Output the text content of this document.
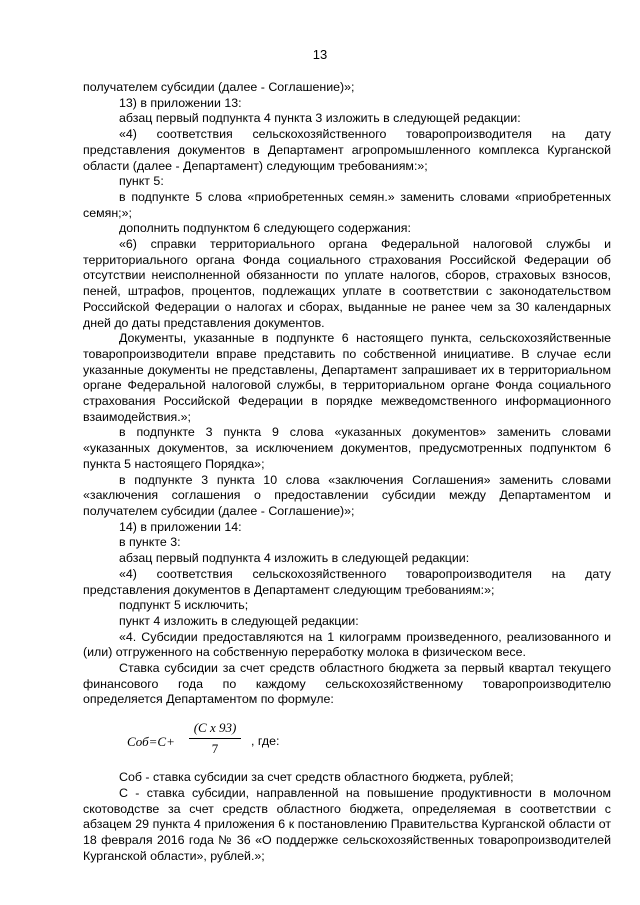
13

получателем субсидии (далее - Соглашение)»;

13) в приложении 13:

абзац первый подпункта 4 пункта 3 изложить в следующей редакции:

«4) соответствия сельскохозяйственного товаропроизводителя на дату представления документов в Департамент агропромышленного комплекса Курганской области (далее - Департамент) следующим требованиям:»;

пункт 5:

в подпункте 5 слова «приобретенных семян.» заменить словами «приобретенных семян;»;

дополнить подпунктом 6 следующего содержания:

«6) справки территориального органа Федеральной налоговой службы и территориального органа Фонда социального страхования Российской Федерации об отсутствии неисполненной обязанности по уплате налогов, сборов, страховых взносов, пеней, штрафов, процентов, подлежащих уплате в соответствии с законодательством Российской Федерации о налогах и сборах, выданные не ранее чем за 30 календарных дней до даты представления документов.

Документы, указанные в подпункте 6 настоящего пункта, сельскохозяйственные товаропроизводители вправе представить по собственной инициативе. В случае если указанные документы не представлены, Департамент запрашивает их в территориальном органе Федеральной налоговой службы, в территориальном органе Фонда социального страхования Российской Федерации в порядке межведомственного информационного взаимодействия.»;

в подпункте 3 пункта 9 слова «указанных документов» заменить словами «указанных документов, за исключением документов, предусмотренных подпунктом 6 пункта 5 настоящего Порядка»;

в подпункте 3 пункта 10 слова «заключения Соглашения» заменить словами «заключения соглашения о предоставлении субсидии между Департаментом и получателем субсидии (далее - Соглашение)»;

14) в приложении 14:

в пункте 3:

абзац первый подпункта 4 изложить в следующей редакции:

«4) соответствия сельскохозяйственного товаропроизводителя на дату представления документов в Департамент следующим требованиям:»;

подпункт 5 исключить;

пункт 4 изложить в следующей редакции:

«4. Субсидии предоставляются на 1 килограмм произведенного, реализованного и (или) отгруженного на собственную переработку молока в физическом весе.

Ставка субсидии за счет средств областного бюджета за первый квартал текущего финансового года по каждому сельскохозяйственному товаропроизводителю определяется Департаментом по формуле:

Соб=С+
(С х 93)
7	, где:

Соб - ставка субсидии за счет средств областного бюджета, рублей;

С - ставка субсидии, направленной на повышение продуктивности в молочном скотоводстве за счет средств областного бюджета, определяемая в соответствии с абзацем 29 пункта 4 приложения 6 к постановлению Правительства Курганской области от 18 февраля 2016 года № 36 «О поддержке сельскохозяйственных товаропроизводителей Курганской области», рублей.»;
